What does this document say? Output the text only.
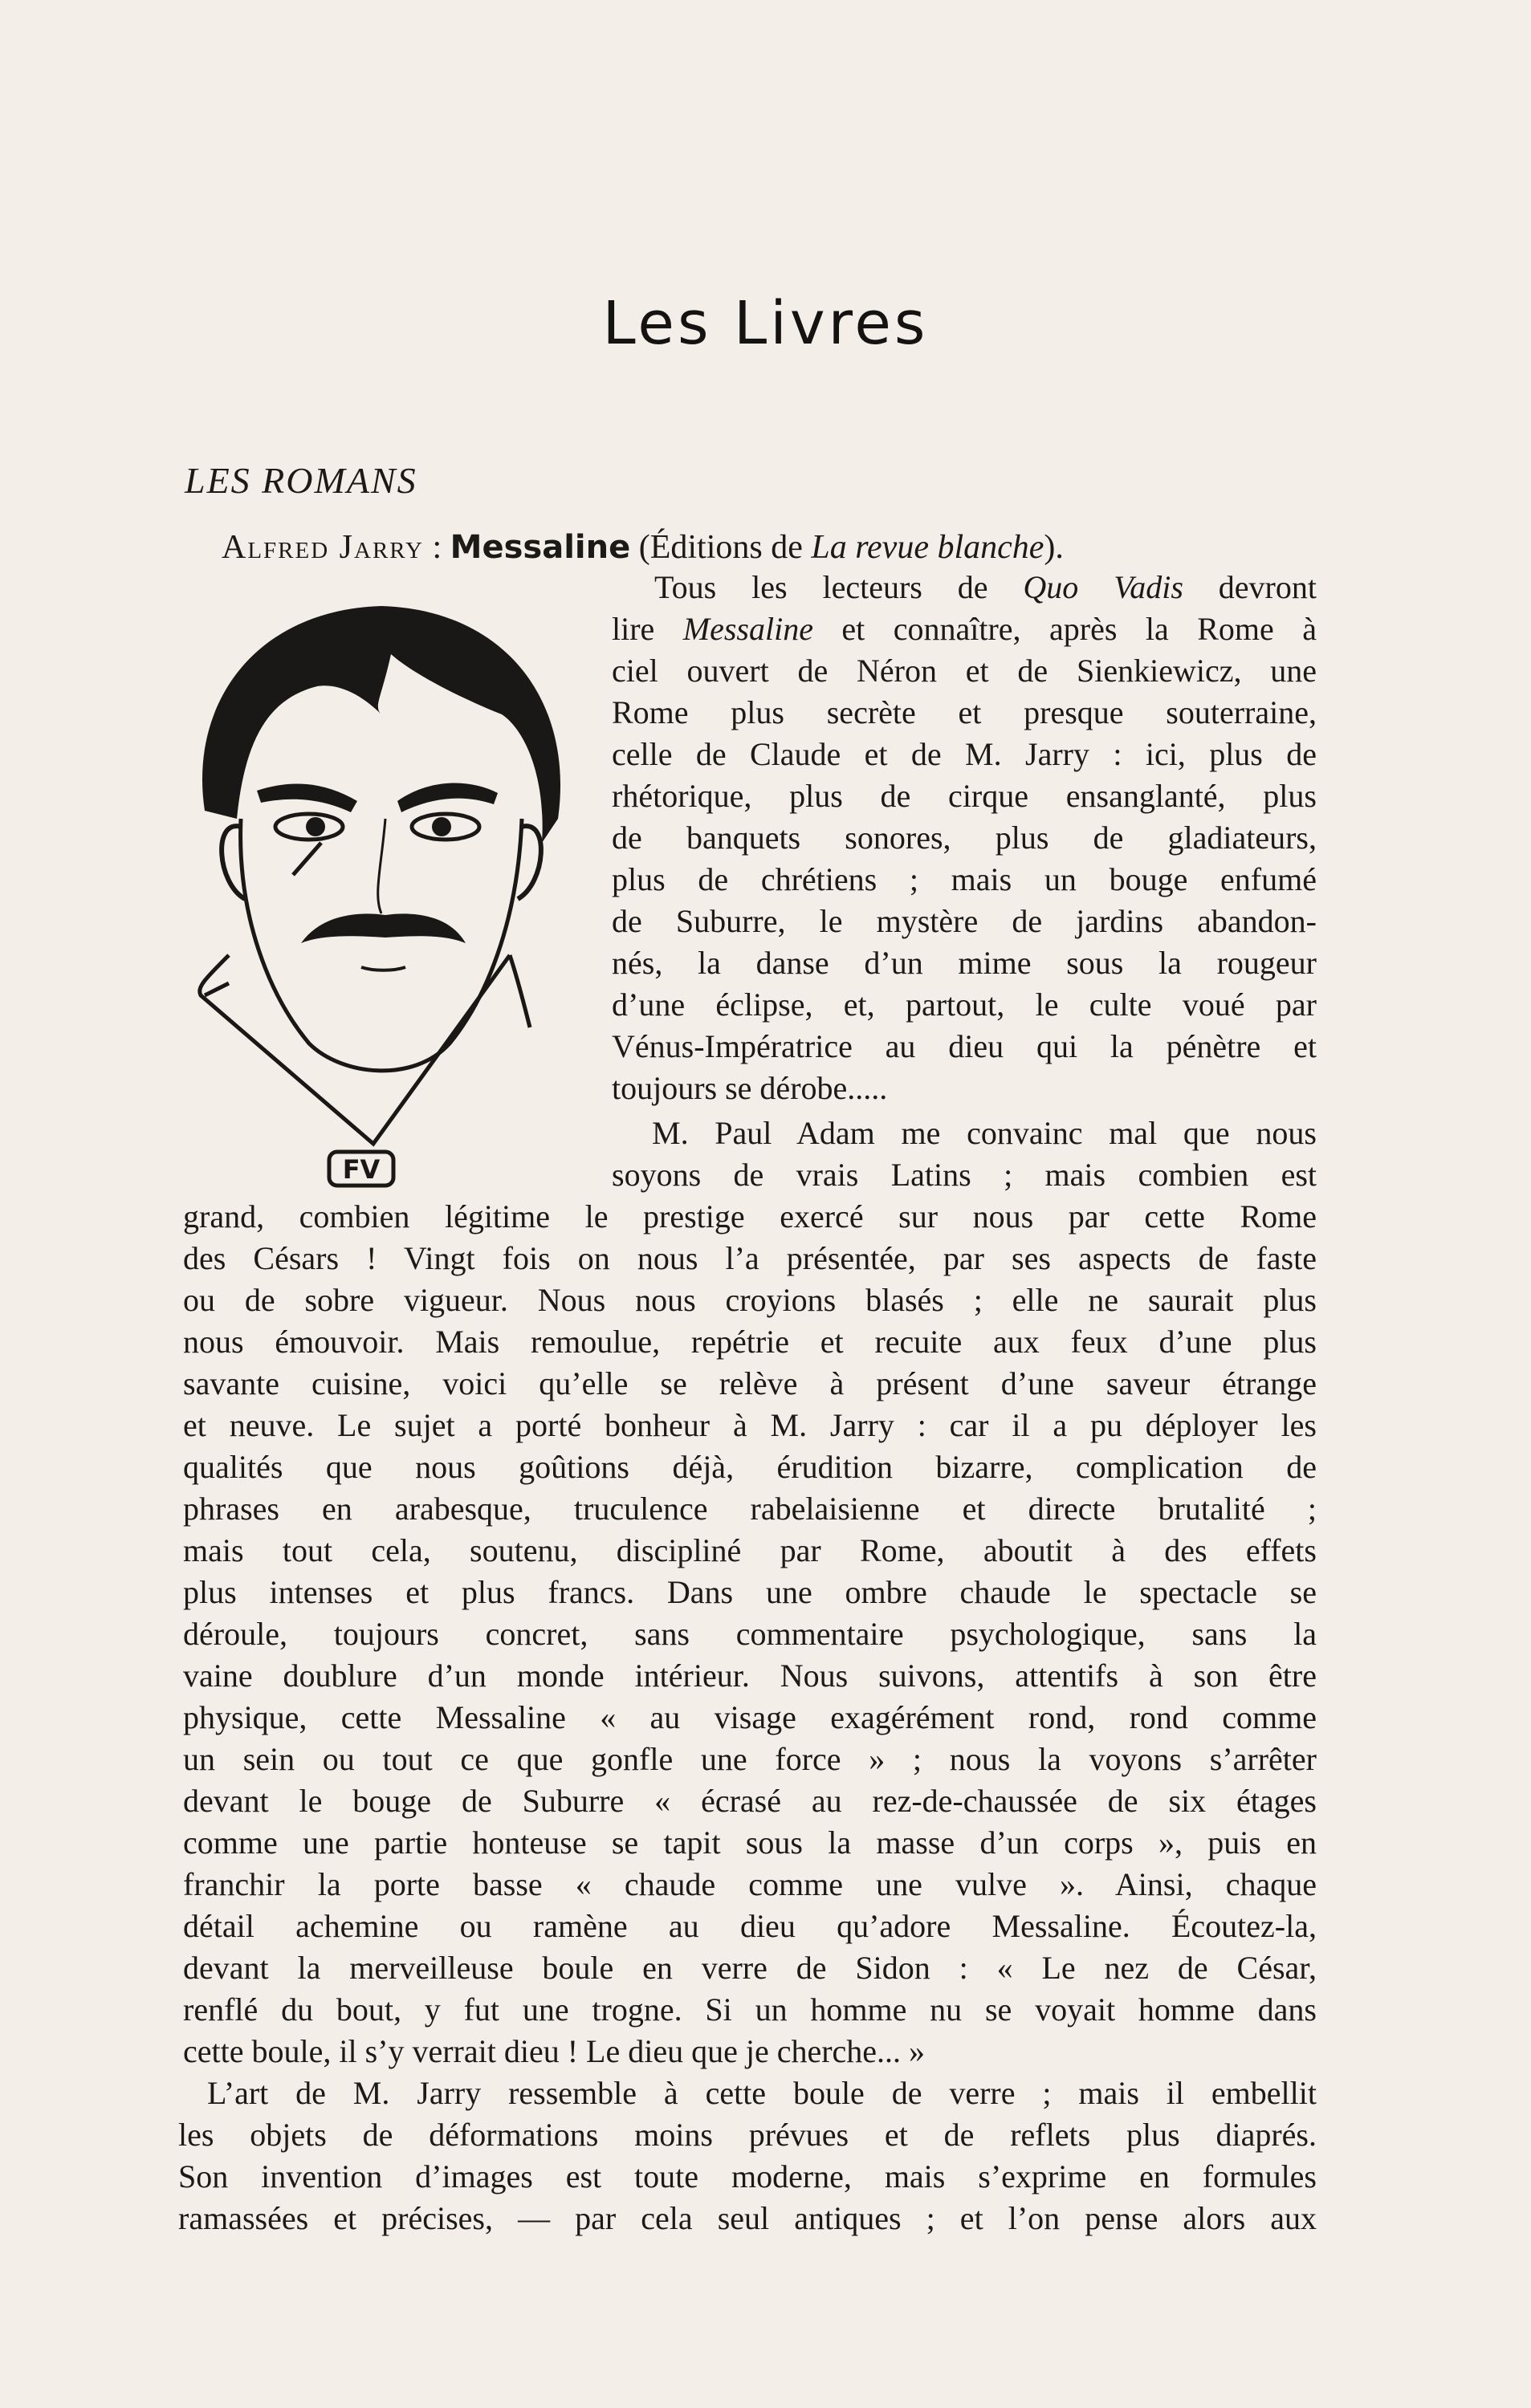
Les Livres
LES ROMANS
Alfred Jarry : Messaline (Éditions de La revue blanche).
FV
Tous les lecteurs de Quo Vadis devront
lire Messaline et connaître, après la Rome à
ciel ouvert de Néron et de Sienkiewicz, une
Rome plus secrète et presque souterraine,
celle de Claude et de M. Jarry : ici, plus de
rhétorique, plus de cirque ensanglanté, plus
de banquets sonores, plus de gladiateurs,
plus de chrétiens ; mais un bouge enfumé
de Suburre, le mystère de jardins abandon-
nés, la danse d’un mime sous la rougeur
d’une éclipse, et, partout, le culte voué par
Vénus-Impératrice au dieu qui la pénètre et
toujours se dérobe.....
M. Paul Adam me convainc mal que nous
soyons de vrais Latins ; mais combien est
grand, combien légitime le prestige exercé sur nous par cette Rome
des Césars ! Vingt fois on nous l’a présentée, par ses aspects de faste
ou de sobre vigueur. Nous nous croyions blasés ; elle ne saurait plus
nous émouvoir. Mais remoulue, repétrie et recuite aux feux d’une plus
savante cuisine, voici qu’elle se relève à présent d’une saveur étrange
et neuve. Le sujet a porté bonheur à M. Jarry : car il a pu déployer les
qualités que nous goûtions déjà, érudition bizarre, complication de
phrases en arabesque, truculence rabelaisienne et directe brutalité ;
mais tout cela, soutenu, discipliné par Rome, aboutit à des effets
plus intenses et plus francs. Dans une ombre chaude le spectacle se
déroule, toujours concret, sans commentaire psychologique, sans la
vaine doublure d’un monde intérieur. Nous suivons, attentifs à son être
physique, cette Messaline « au visage exagérément rond, rond comme
un sein ou tout ce que gonfle une force » ; nous la voyons s’arrêter
devant le bouge de Suburre « écrasé au rez-de-chaussée de six étages
comme une partie honteuse se tapit sous la masse d’un corps », puis en
franchir la porte basse « chaude comme une vulve ». Ainsi, chaque
détail achemine ou ramène au dieu qu’adore Messaline. Écoutez-la,
devant la merveilleuse boule en verre de Sidon : « Le nez de César,
renflé du bout, y fut une trogne. Si un homme nu se voyait homme dans
cette boule, il s’y verrait dieu ! Le dieu que je cherche... »
L’art de M. Jarry ressemble à cette boule de verre ; mais il embellit
les objets de déformations moins prévues et de reflets plus diaprés.
Son invention d’images est toute moderne, mais s’exprime en formules
ramassées et précises, — par cela seul antiques ; et l’on pense alors aux
